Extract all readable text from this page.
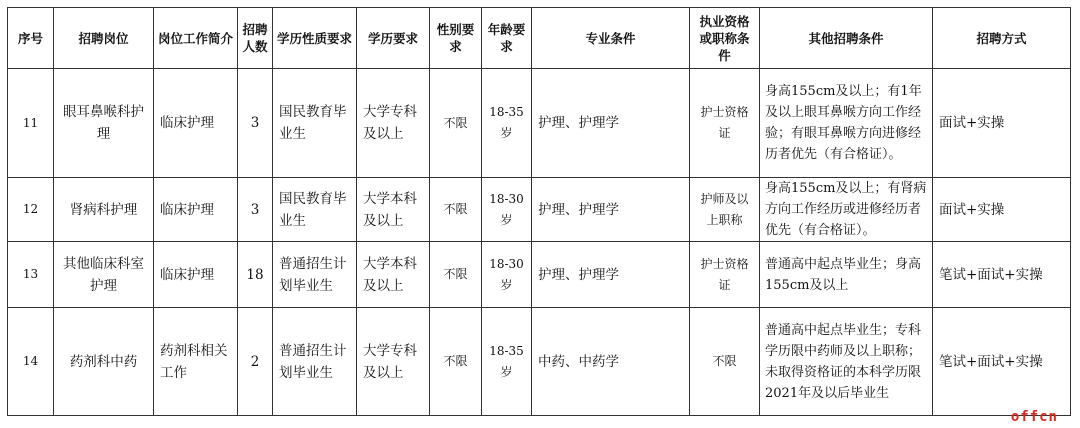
序号	招聘岗位	岗位工作简介	招聘人数	学历性质要求	学历要求	性别要求	年龄要求	专业条件	执业资格或职称条件	其他招聘条件	招聘方式
11	眼耳鼻喉科护理	临床护理	3	国民教育毕业生	大学专科及以上	不限	18-35岁	护理、护理学	护士资格证	身高155cm及以上；有1年及以上眼耳鼻喉方向工作经验；有眼耳鼻喉方向进修经历者优先（有合格证）。	面试+实操
12	肾病科护理	临床护理	3	国民教育毕业生	大学本科及以上	不限	18-30岁	护理、护理学	护师及以上职称	身高155cm及以上；有肾病方向工作经历或进修经历者优先（有合格证）。	面试+实操
13	其他临床科室护理	临床护理	18	普通招生计划毕业生	大学本科及以上	不限	18-30岁	护理、护理学	护士资格证	普通高中起点毕业生；身高155cm及以上	笔试+面试+实操
14	药剂科中药	药剂科相关工作	2	普通招生计划毕业生	大学专科及以上	不限	18-35岁	中药、中药学	不限	普通高中起点毕业生；专科学历限中药师及以上职称；未取得资格证的本科学历限2021年及以后毕业生	笔试+面试+实操
offcn
